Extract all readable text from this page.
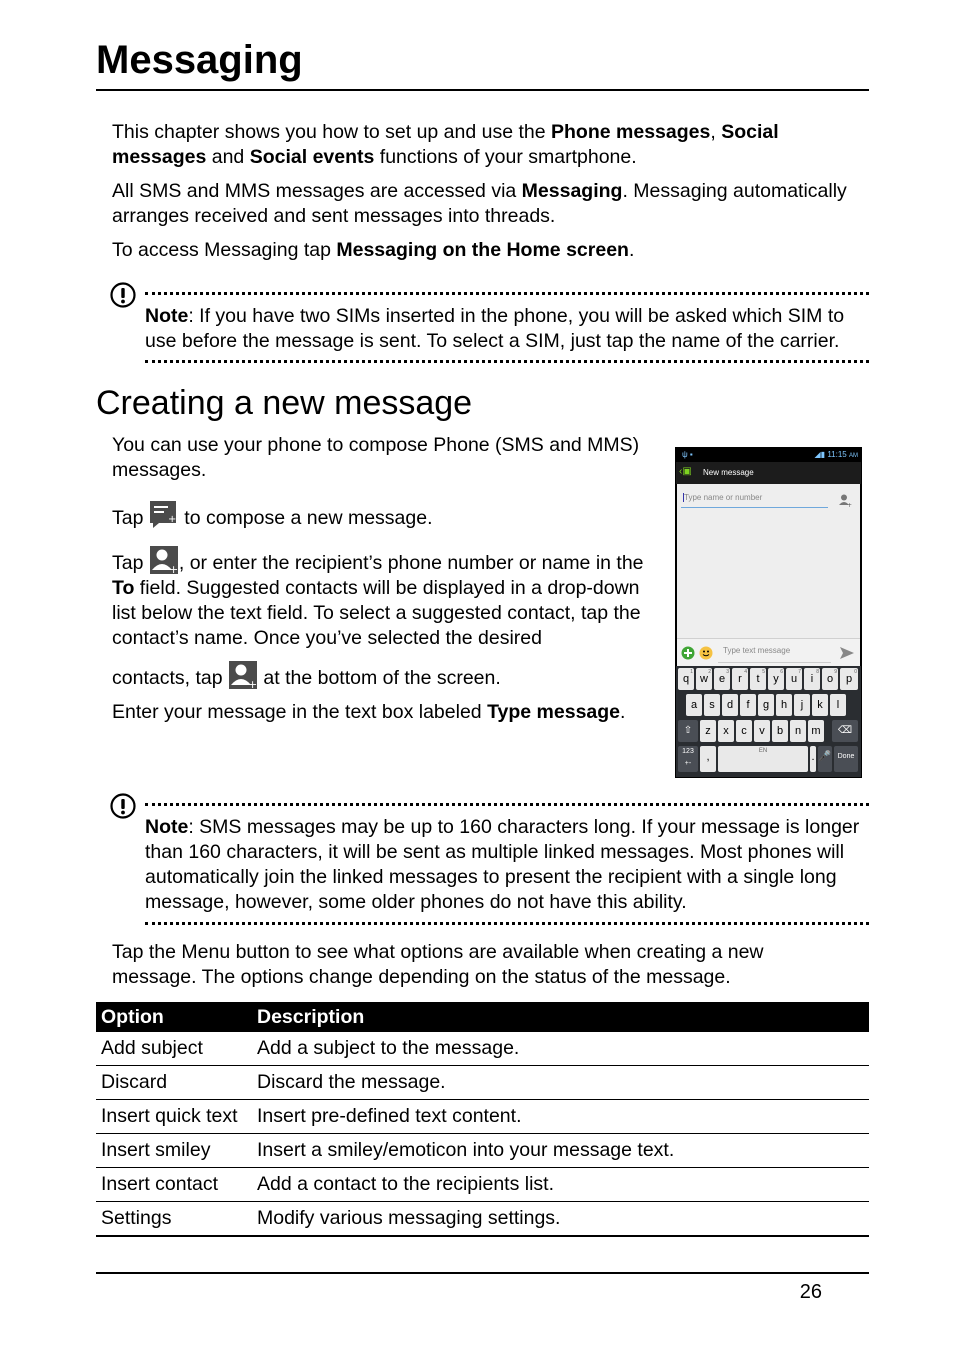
Messaging

This chapter shows you how to set up and use the Phone messages, Social messages and Social events functions of your smartphone.

All SMS and MMS messages are accessed via Messaging. Messaging automatically arranges received and sent messages into threads.

To access Messaging tap Messaging on the Home screen.

Note: If you have two SIMs inserted in the phone, you will be asked which SIM to use before the message is sent. To select a SIM, just tap the name of the carrier.

Creating a new message

You can use your phone to compose Phone (SMS and MMS) messages.

Tap + to compose a new message.

Tap + , or enter the recipient’s phone number or name in the To field. Suggested contacts will be displayed in a drop-down list below the text field. To select a suggested contact, tap the contact’s name. Once you’ve selected the desired

contacts, tap + at the bottom of the screen.

Enter your message in the text box labeled Type message.

ψ ▪	◢▮ 11:15 AM
‹▣ New message
Type name or number
+
Type text message
q
1
w
2
e
3
r
4
t
5
y
6
u
7
i
8
o
9
p
0
a	s	d	f	g	h	j	k	l
⇧	z	x	c	v	b	n m	⌫
123
+-
,	EN	. 🎤 Done

Note: SMS messages may be up to 160 characters long. If your message is longer than 160 characters, it will be sent as multiple linked messages. Most phones will automatically join the linked messages to present the recipient with a single long message, however, some older phones do not have this ability.

Tap the Menu button to see what options are available when creating a new message. The options change depending on the status of the message.

Option	Description
Add subject	Add a subject to the message.
Discard	Discard the message.
Insert quick text	Insert pre-defined text content.
Insert smiley	Insert a smiley/emoticon into your message text.
Insert contact	Add a contact to the recipients list.
Settings	Modify various messaging settings.
26
